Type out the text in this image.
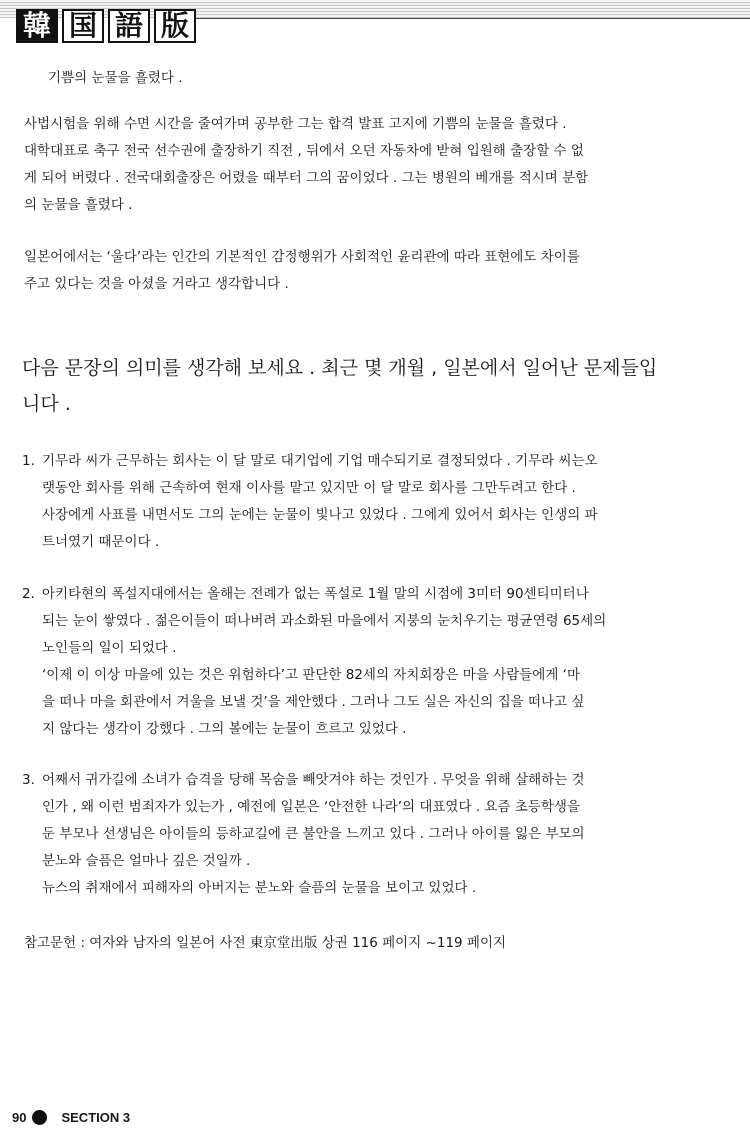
韓 国 語 版
기쁨의 눈물을 흘렸다 .
사법시험을 위해 수면 시간을 줄여가며 공부한 그는 합격 발표 고지에 기쁨의 눈물을 흘렸다 .
대학대표로 축구 전국 선수권에 출장하기 직전 , 뒤에서 오던 자동차에 받혀 입원해 출장할 수 없
게 되어 버렸다 . 전국대회출장은 어렸을 때부터 그의 꿈이었다 . 그는 병원의 베개를 적시며 분함
의 눈물을 흘렸다 .
일본어에서는 ‘울다’라는 인간의 기본적인 감정행위가 사회적인 윤리관에 따라 표현에도 차이를
주고 있다는 것을 아셨을 거라고 생각합니다 .
다음 문장의 의미를 생각해 보세요 . 최근 몇 개월 , 일본에서 일어난 문제들입
니다 .
1. 기무라 씨가 근무하는 회사는 이 달 말로 대기업에 기업 매수되기로 결정되었다 . 기무라 씨는오
랫동안 회사를 위해 근속하여 현재 이사를 맡고 있지만 이 달 말로 회사를 그만두려고 한다 .
사장에게 사표를 내면서도 그의 눈에는 눈물이 빛나고 있었다 . 그에게 있어서 회사는 인생의 파
트너였기 때문이다 .
2. 아키타현의 폭설지대에서는 올해는 전례가 없는 폭설로 1월 말의 시점에 3미터 90센티미터나
되는 눈이 쌓였다 . 젊은이들이 떠나버려 과소화된 마을에서 지붕의 눈치우기는 평균연령 65세의
노인들의 일이 되었다 .
‘이제 이 이상 마을에 있는 것은 위험하다’고 판단한 82세의 자치회장은 마을 사람들에게 ‘마
을 떠나 마을 회관에서 겨울을 보낼 것’을 제안했다 . 그러나 그도 실은 자신의 집을 떠나고 싶
지 않다는 생각이 강했다 . 그의 볼에는 눈물이 흐르고 있었다 .
3. 어째서 귀가길에 소녀가 습격을 당해 목숨을 빼앗겨야 하는 것인가 . 무엇을 위해 살해하는 것
인가 , 왜 이런 범죄자가 있는가 , 예전에 일본은 ‘안전한 나라’의 대표였다 . 요즘 초등학생을
둔 부모나 선생님은 아이들의 등하교길에 큰 불안을 느끼고 있다 . 그러나 아이를 잃은 부모의
분노와 슬픔은 얼마나 깊은 것일까 .
뉴스의 취재에서 피해자의 아버지는 분노와 슬픔의 눈물을 보이고 있었다 .
참고문헌 : 여자와 남자의 일본어 사전 東京堂出版 상권 116 페이지 ~119 페이지
90	SECTION 3
